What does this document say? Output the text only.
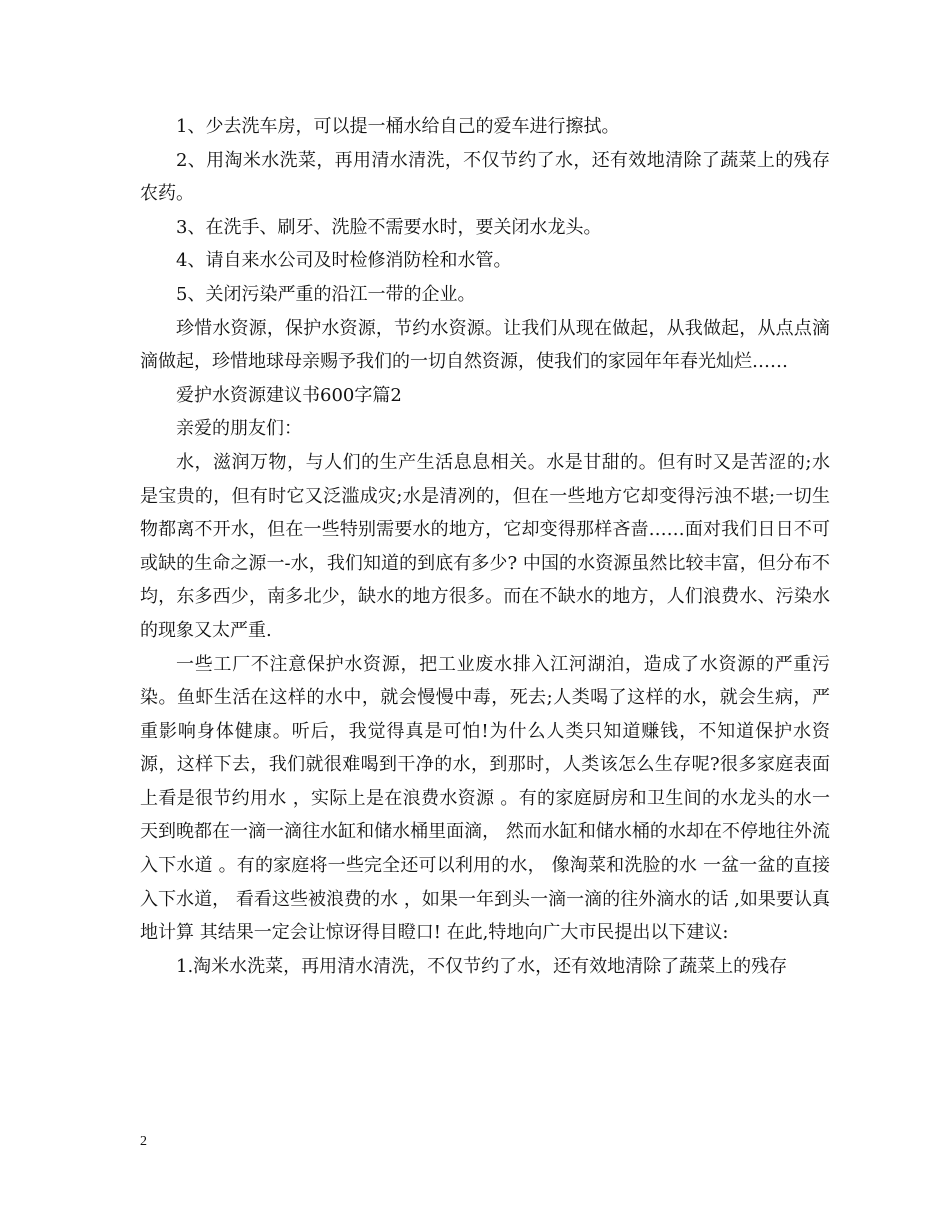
1、少去洗车房，可以提一桶水给自己的爱车进行擦拭。

2、用淘米水洗菜，再用清水清洗，不仅节约了水，还有效地清除了蔬菜上的残存农药。

3、在洗手、刷牙、洗脸不需要水时，要关闭水龙头。

4、请自来水公司及时检修消防栓和水管。

5、关闭污染严重的沿江一带的企业。

珍惜水资源，保护水资源，节约水资源。让我们从现在做起，从我做起，从点点滴滴做起，珍惜地球母亲赐予我们的一切自然资源，使我们的家园年年春光灿烂……

爱护水资源建议书600字篇2

亲爱的朋友们：

水，滋润万物，与人们的生产生活息息相关。水是甘甜的。但有时又是苦涩的;水是宝贵的，但有时它又泛滥成灾;水是清冽的，但在一些地方它却变得污浊不堪;一切生物都离不开水，但在一些特别需要水的地方，它却变得那样吝啬……面对我们日日不可或缺的生命之源一-水，我们知道的到底有多少? 中国的水资源虽然比较丰富，但分布不均，东多西少，南多北少，缺水的地方很多。而在不缺水的地方，人们浪费水、污染水的现象又太严重.

一些工厂不注意保护水资源，把工业废水排入江河湖泊，造成了水资源的严重污染。鱼虾生活在这样的水中，就会慢慢中毒，死去;人类喝了这样的水，就会生病，严重影响身体健康。听后，我觉得真是可怕!为什么人类只知道赚钱，不知道保护水资源，这样下去，我们就很难喝到干净的水，到那时，人类该怎么生存呢?很多家庭表面上看是很节约用水 ，实际上是在浪费水资源 。有的家庭厨房和卫生间的水龙头的水一天到晚都在一滴一滴往水缸和储水桶里面滴， 然而水缸和储水桶的水却在不停地往外流入下水道 。有的家庭将一些完全还可以利用的水， 像淘菜和洗脸的水 一盆一盆的直接 入下水道， 看看这些被浪费的水 ，如果一年到头一滴一滴的往外滴水的话 ,如果要认真地计算 其结果一定会让惊讶得目瞪口! 在此,特地向广大市民提出以下建议:

1.淘米水洗菜，再用清水清洗，不仅节约了水，还有效地清除了蔬菜上的残存

2
